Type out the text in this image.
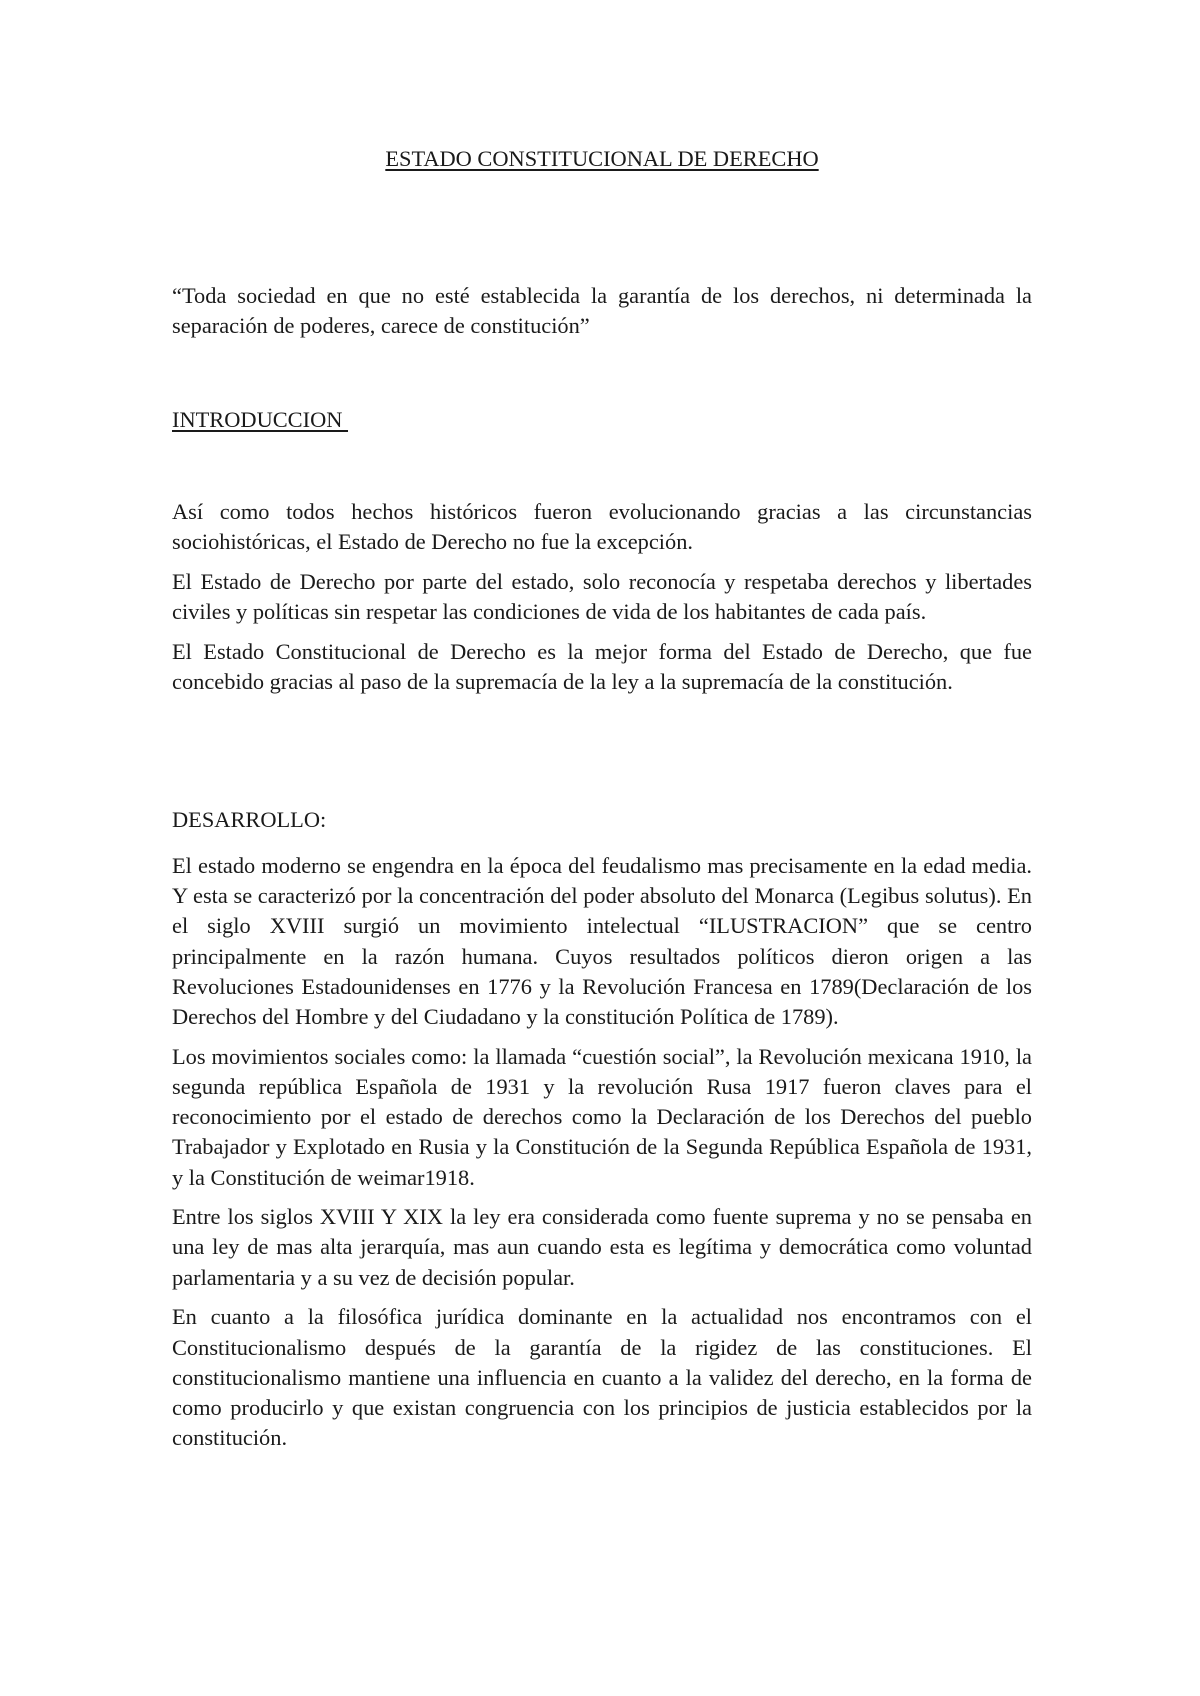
ESTADO CONSTITUCIONAL DE DERECHO

“Toda sociedad en que no esté establecida la garantía de los derechos, ni determinada la separación de poderes, carece de constitución”

INTRODUCCION

Así como todos hechos históricos fueron evolucionando gracias a las circunstancias sociohistóricas, el Estado de Derecho no fue la excepción.

El Estado de Derecho por parte del estado, solo reconocía y respetaba derechos y libertades civiles y políticas sin respetar las condiciones de vida de los habitantes de cada país.

El Estado Constitucional de Derecho es la mejor forma del Estado de Derecho, que fue concebido gracias al paso de la supremacía de la ley a la supremacía de la constitución.

DESARROLLO:

El estado moderno se engendra en la época del feudalismo mas precisamente en la edad media. Y esta se caracterizó por la concentración del poder absoluto del Monarca (Legibus solutus). En el siglo XVIII surgió un movimiento intelectual “ILUSTRACION” que se centro principalmente en la razón humana. Cuyos resultados políticos dieron origen a las Revoluciones Estadounidenses en 1776 y la Revolución Francesa en 1789(Declaración de los Derechos del Hombre y del Ciudadano y la constitución Política de 1789).

Los movimientos sociales como: la llamada “cuestión social”, la Revolución mexicana 1910, la segunda república Española de 1931 y la revolución Rusa 1917 fueron claves para el reconocimiento por el estado de derechos como la Declaración de los Derechos del pueblo Trabajador y Explotado en Rusia y la Constitución de la Segunda República Española de 1931, y la Constitución de weimar1918.

Entre los siglos XVIII Y XIX la ley era considerada como fuente suprema y no se pensaba en una ley de mas alta jerarquía, mas aun cuando esta es legítima y democrática como voluntad parlamentaria y a su vez de decisión popular.

En cuanto a la filosófica jurídica dominante en la actualidad nos encontramos con el Constitucionalismo después de la garantía de la rigidez de las constituciones. El constitucionalismo mantiene una influencia en cuanto a la validez del derecho, en la forma de como producirlo y que existan congruencia con los principios de justicia establecidos por la constitución.
